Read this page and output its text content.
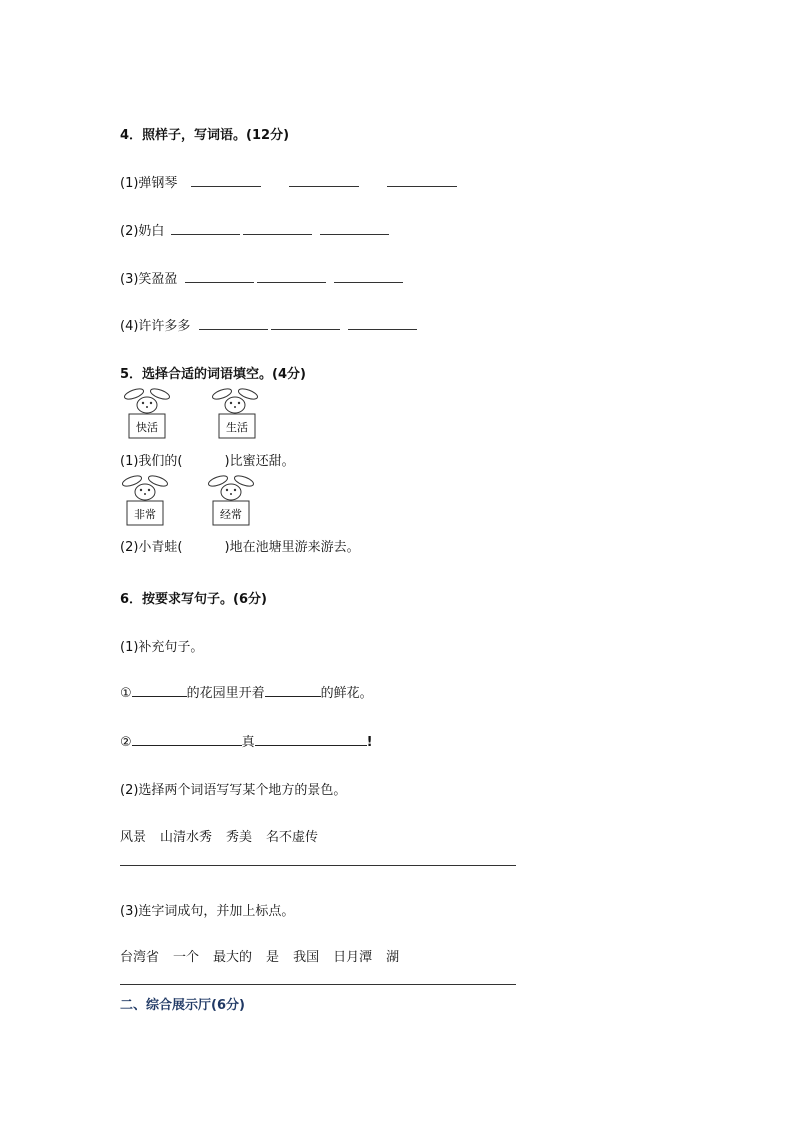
4．照样子，写词语。(12分)
(1)弹钢琴
(2)奶白
(3)笑盈盈
(4)许许多多
5．选择合适的词语填空。(4分)
快活	生活
(1)我们的(	)比蜜还甜。
非常	经常
(2)小青蛙(	)地在池塘里游来游去。
6．按要求写句子。(6分)
(1)补充句子。
①	的花园里开着	的鲜花。
②	真	!
(2)选择两个词语写写某个地方的景色。
风景 山清水秀 秀美 名不虚传
(3)连字词成句，并加上标点。
台湾省 一个 最大的 是 我国 日月潭 湖
二、综合展示厅(6分)
